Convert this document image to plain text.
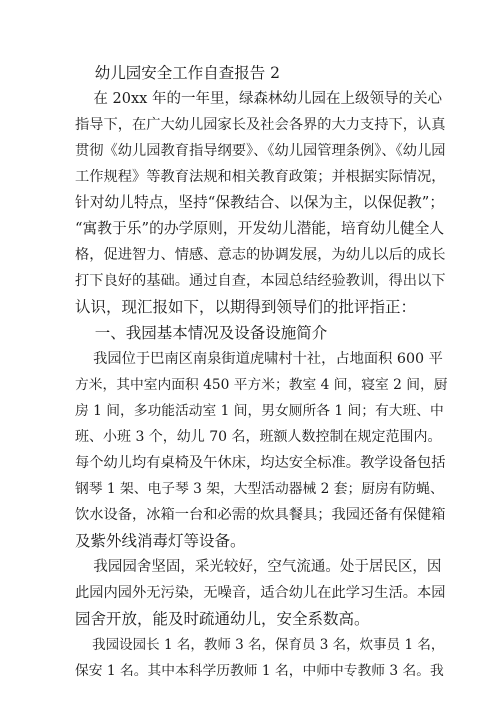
幼儿园安全工作自查报告 2
在 20xx 年的一年里，绿森林幼儿园在上级领导的关心
指导下，在广大幼儿园家长及社会各界的大力支持下，认真
贯彻《幼儿园教育指导纲要》、《幼儿园管理条例》、《幼儿园
工作规程》等教育法规和相关教育政策；并根据实际情况，
针对幼儿特点，坚持“保教结合、以保为主，以保促教”；
“寓教于乐”的办学原则，开发幼儿潜能，培育幼儿健全人
格，促进智力、情感、意志的协调发展，为幼儿以后的成长
打下良好的基础。通过自查，本园总结经验教训，得出以下
认识，现汇报如下，以期得到领导们的批评指正：
一、我园基本情况及设备设施简介
我园位于巴南区南泉街道虎啸村十社，占地面积 600 平
方米，其中室内面积 450 平方米；教室 4 间，寝室 2 间，厨
房 1 间，多功能活动室 1 间，男女厕所各 1 间；有大班、中
班、小班 3 个，幼儿 70 名，班额人数控制在规定范围内。
每个幼儿均有桌椅及午休床，均达安全标准。教学设备包括
钢琴 1 架、电子琴 3 架，大型活动器械 2 套；厨房有防蝇、
饮水设备，冰箱一台和必需的炊具餐具；我园还备有保健箱
及紫外线消毒灯等设备。
我园园舍坚固，采光较好，空气流通。处于居民区，因
此园内园外无污染，无噪音，适合幼儿在此学习生活。本园
园舍开放，能及时疏通幼儿，安全系数高。
我园设园长 1 名，教师 3 名，保育员 3 名，炊事员 1 名，
保安 1 名。其中本科学历教师 1 名，中师中专教师 3 名。我
